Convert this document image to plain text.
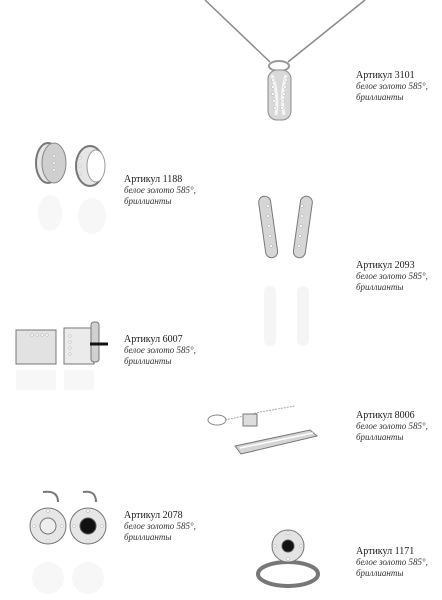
Артикул 3101
белое золото 585°,
бриллианты
Артикул 1188
белое золото 585°,
бриллианты
Артикул 2093
белое золото 585°,
бриллианты
Артикул 6007
белое золото 585°,
бриллианты
Артикул 8006
белое золото 585°,
бриллианты
Артикул 2078
белое золото 585°,
бриллианты
Артикул 1171
белое золото 585°,
бриллианты
